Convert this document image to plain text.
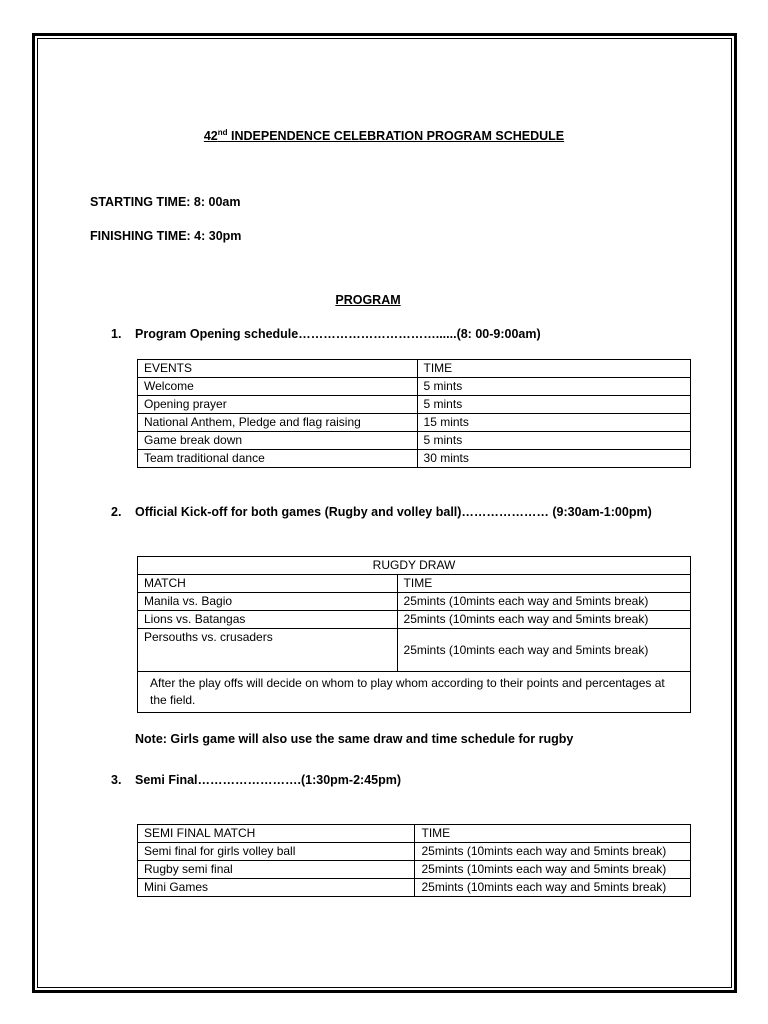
42nd INDEPENDENCE CELEBRATION PROGRAM SCHEDULE
STARTING TIME: 8: 00am
FINISHING TIME: 4: 30pm
PROGRAM
1. Program Opening schedule……………………………......(8: 00-9:00am)
EVENTS	TIME
Welcome	5 mints
Opening prayer	5 mints
National Anthem, Pledge and flag raising	15 mints
Game break down	5 mints
Team traditional dance	30 mints
2. Official Kick-off for both games (Rugby and volley ball)………………… (9:30am-1:00pm)
RUGDY DRAW	
MATCH	TIME
Manila vs. Bagio	25mints (10mints each way and 5mints break)
Lions vs. Batangas	25mints (10mints each way and 5mints break)
Persouths vs. crusaders	25mints (10mints each way and 5mints break)
After the play offs will decide on whom to play whom according to their points and percentages at the field.	
Note: Girls game will also use the same draw and time schedule for rugby
3. Semi Final…………………….(1:30pm-2:45pm)
SEMI FINAL MATCH	TIME
Semi final for girls volley ball	25mints (10mints each way and 5mints break)
Rugby semi final	25mints (10mints each way and 5mints break)
Mini Games	25mints (10mints each way and 5mints break)
